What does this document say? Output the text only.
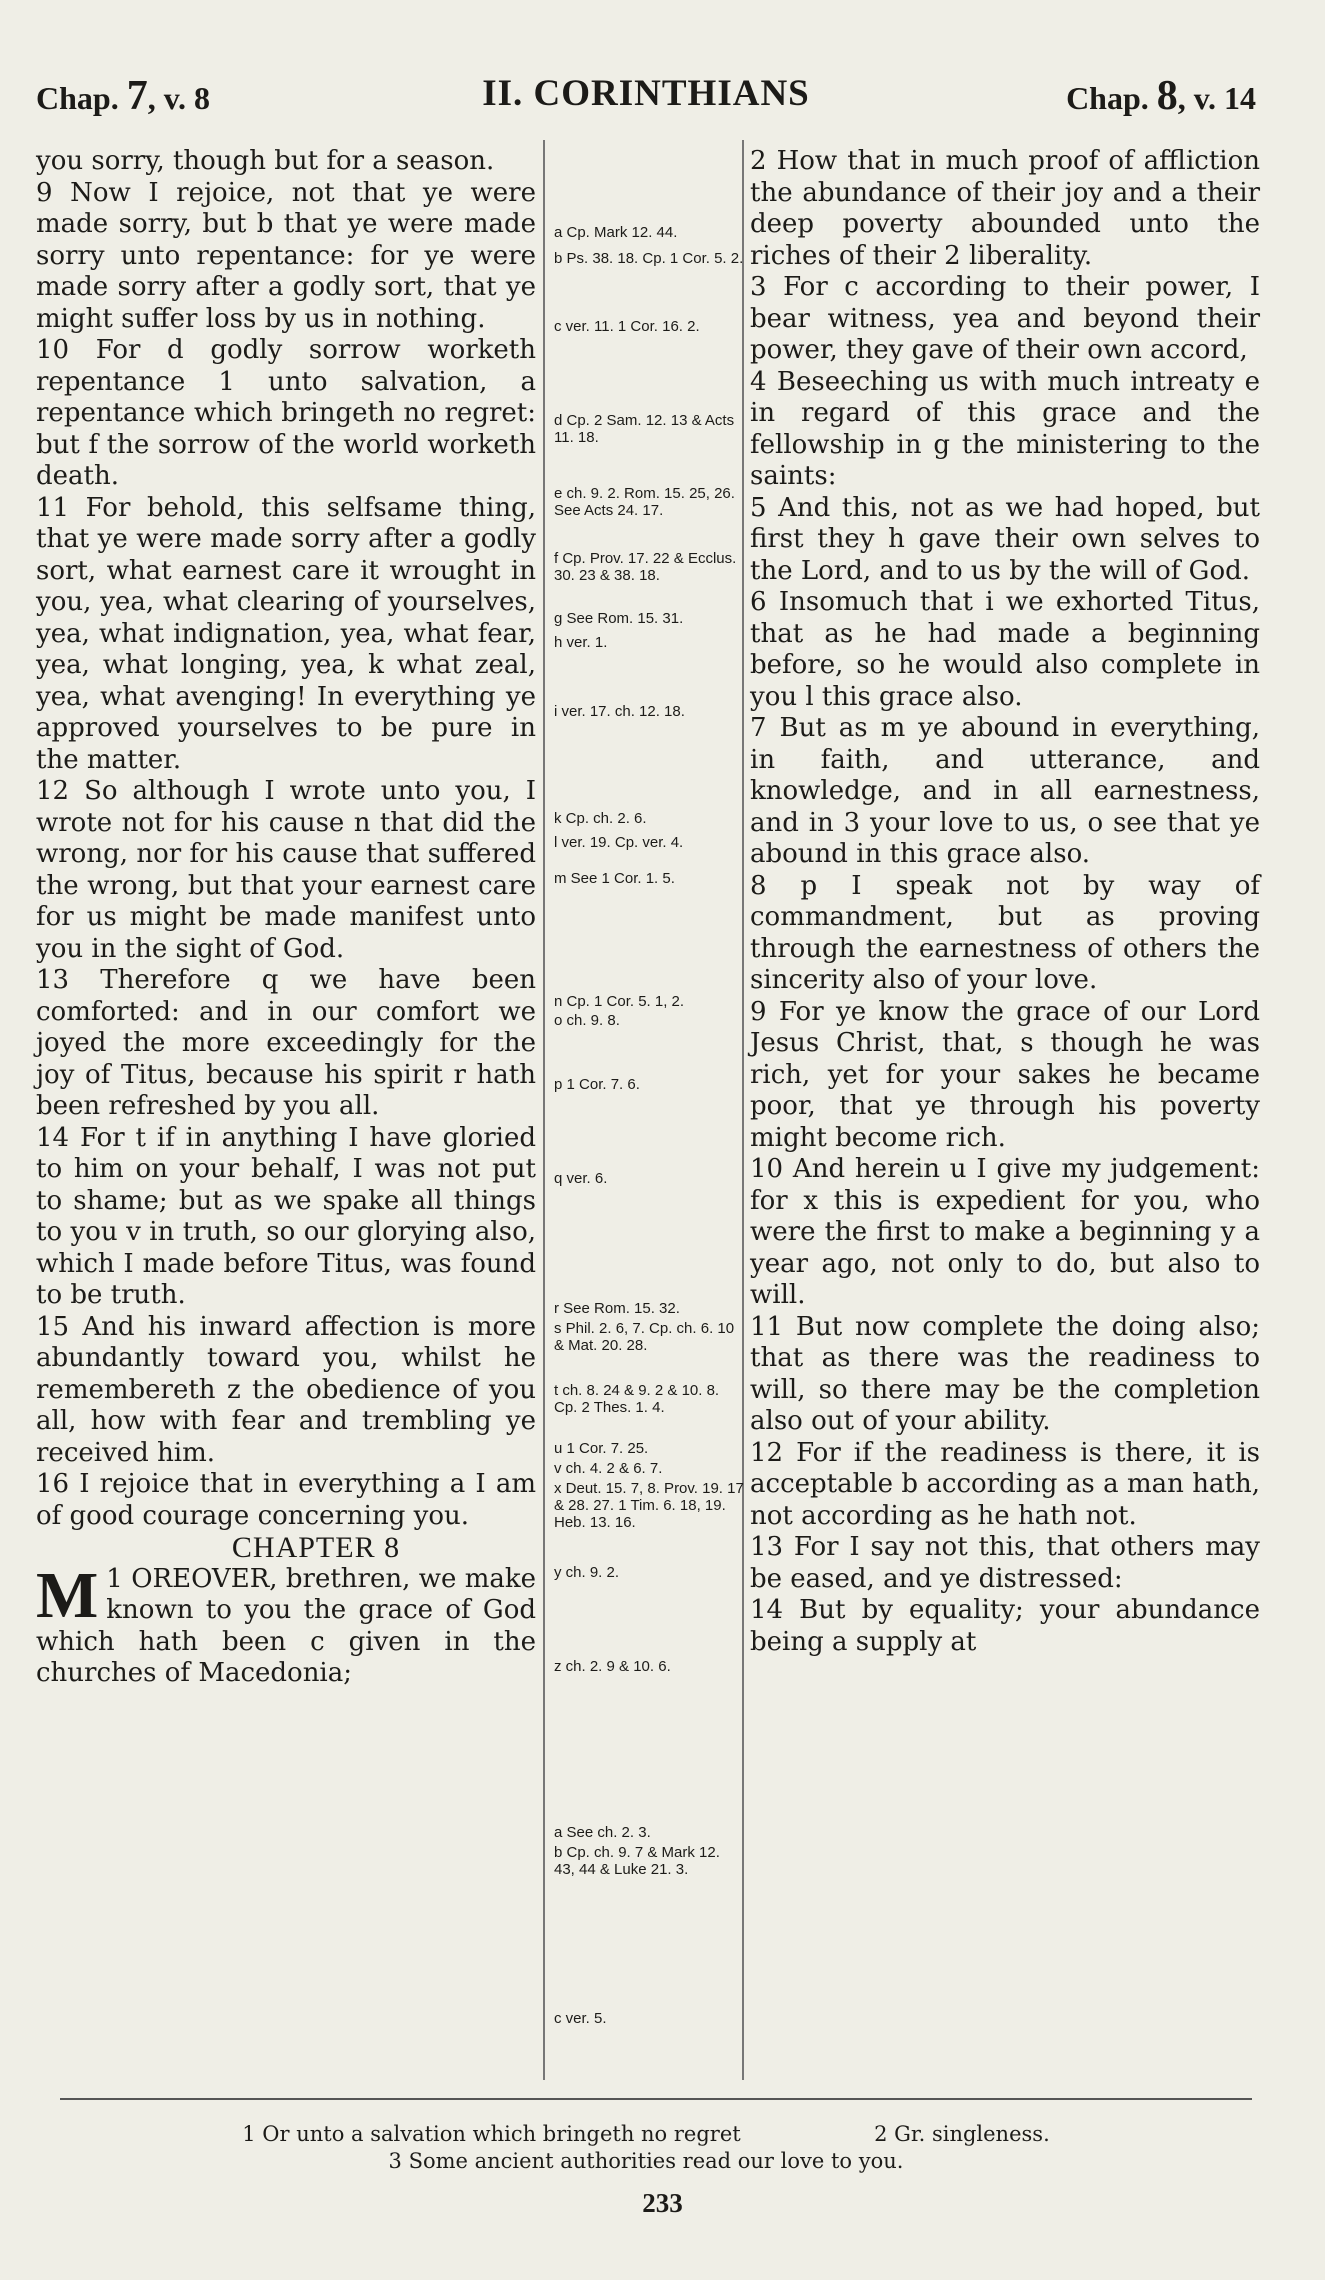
Chap. 7, v. 8	II. CORINTHIANS	Chap. 8, v. 14

you sorry, though but for a season.

9 Now I rejoice, not that ye were made sorry, but b that ye were made sorry unto repentance: for ye were made sorry after a godly sort, that ye might suffer loss by us in nothing.

10 For d godly sorrow worketh repentance 1 unto salvation, a repentance which bringeth no regret: but f the sorrow of the world worketh death.

11 For behold, this selfsame thing, that ye were made sorry after a godly sort, what earnest care it wrought in you, yea, what clearing of yourselves, yea, what indignation, yea, what fear, yea, what longing, yea, k what zeal, yea, what avenging! In everything ye approved yourselves to be pure in the matter.

12 So although I wrote unto you, I wrote not for his cause n that did the wrong, nor for his cause that suffered the wrong, but that your earnest care for us might be made manifest unto you in the sight of God.

13 Therefore q we have been comforted: and in our comfort we joyed the more exceedingly for the joy of Titus, because his spirit r hath been refreshed by you all.

14 For t if in anything I have gloried to him on your behalf, I was not put to shame; but as we spake all things to you v in truth, so our glorying also, which I made before Titus, was found to be truth.

15 And his inward affection is more abundantly toward you, whilst he remembereth z the obedience of you all, how with fear and trembling ye received him.

16 I rejoice that in everything a I am of good courage concerning you.

CHAPTER 8

1
M OREOVER, brethren, we make known to you the grace of God which hath been c given in the churches of Macedonia;

a Cp. Mark 12. 44.
b Ps. 38. 18. Cp. 1 Cor. 5. 2.
c ver. 11. 1 Cor. 16. 2.
d Cp. 2 Sam. 12. 13 & Acts 11. 18.
e ch. 9. 2. Rom. 15. 25, 26. See Acts 24. 17.
f Cp. Prov. 17. 22 & Ecclus. 30. 23 & 38. 18.
g See Rom. 15. 31.
h ver. 1.
i ver. 17. ch. 12. 18.
k Cp. ch. 2. 6.
l ver. 19. Cp. ver. 4.
m See 1 Cor. 1. 5.
n Cp. 1 Cor. 5. 1, 2.
o ch. 9. 8.
p 1 Cor. 7. 6.
q ver. 6.
r See Rom. 15. 32.
s Phil. 2. 6, 7. Cp. ch. 6. 10 & Mat. 20. 28.
t ch. 8. 24 & 9. 2 & 10. 8. Cp. 2 Thes. 1. 4.
u 1 Cor. 7. 25.
v ch. 4. 2 & 6. 7.
x Deut. 15. 7, 8. Prov. 19. 17 & 28. 27. 1 Tim. 6. 18, 19. Heb. 13. 16.
y ch. 9. 2.
z ch. 2. 9 & 10. 6.
a See ch. 2. 3.
b Cp. ch. 9. 7 & Mark 12. 43, 44 & Luke 21. 3.
c ver. 5.

2 How that in much proof of affliction the abundance of their joy and a their deep poverty abounded unto the riches of their 2 liberality.

3 For c according to their power, I bear witness, yea and beyond their power, they gave of their own accord,

4 Beseeching us with much intreaty e in regard of this grace and the fellowship in g the ministering to the saints:

5 And this, not as we had hoped, but first they h gave their own selves to the Lord, and to us by the will of God.

6 Insomuch that i we exhorted Titus, that as he had made a beginning before, so he would also complete in you l this grace also.

7 But as m ye abound in everything, in faith, and utterance, and knowledge, and in all earnestness, and in 3 your love to us, o see that ye abound in this grace also.

8 p I speak not by way of commandment, but as proving through the earnestness of others the sincerity also of your love.

9 For ye know the grace of our Lord Jesus Christ, that, s though he was rich, yet for your sakes he became poor, that ye through his poverty might become rich.

10 And herein u I give my judgement: for x this is expedient for you, who were the first to make a beginning y a year ago, not only to do, but also to will.

11 But now complete the doing also; that as there was the readiness to will, so there may be the completion also out of your ability.

12 For if the readiness is there, it is acceptable b according as a man hath, not according as he hath not.

13 For I say not this, that others may be eased, and ye distressed:

14 But by equality; your abundance being a supply at

1 Or unto a salvation which bringeth no regret	2 Gr. singleness.
3 Some ancient authorities read our love to you.
233
